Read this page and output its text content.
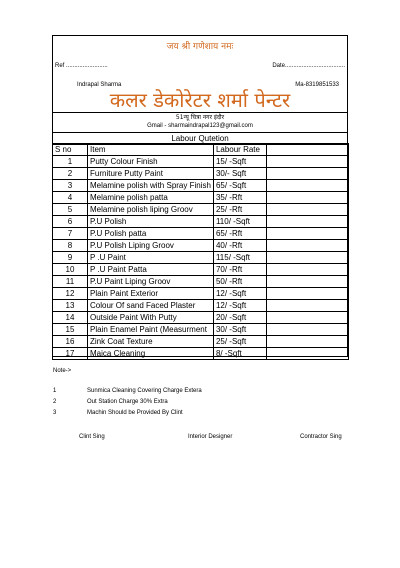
जय श्री गणेशाय नमः
Ref .........................	Date....................................
Indrapal Sharma	Ma-8319851533
कलर डेकोरेटर शर्मा पेन्टर
51न्यू चित्रा नगर इंदौर
Gmail - sharmaindrapal123@gmail.com
Labour Qutetion
S no	Item	Labour Rate	
1	Putty Colour Finish	15/ -Sqft	
2	Furniture Putty Paint	30/- Sqft	
3	Melamine polish with Spray Finish	65/ -Sqft	
4	Melamine polish patta	35/ -Rft	
5	Melamine polish liping Groov	25/ -Rft	
6	P.U Polish	110/ -Sqft	
7	P.U Polish patta	65/ -Rft	
8	P.U Polish Liping Groov	40/ -Rft	
9	P .U Paint	115/ -Sqft	
10	P .U Paint Patta	70/ -Rft	
11	P.U Paint Liping Groov	50/ -Rft	
12	Plain Paint Exterior	12/ -Sqft	
13	Colour Of sand Faced Plaster	12/ -Sqft	
14	Outside Paint With Putty	20/ -Sqft	
15	Plain Enamel Paint (Measurment	30/ -Sqft	
16	Zink Coat Texture	25/ -Sqft	
17	Maica Cleaning	8/ -Sqft	
Note->
1	Sunmica Cleaning Covering Charge Extera
2	Out Station Charge 30% Extra
3	Machin Should be Provided By Clint
Clint Sing	Interior Designer	Contractor Sing
